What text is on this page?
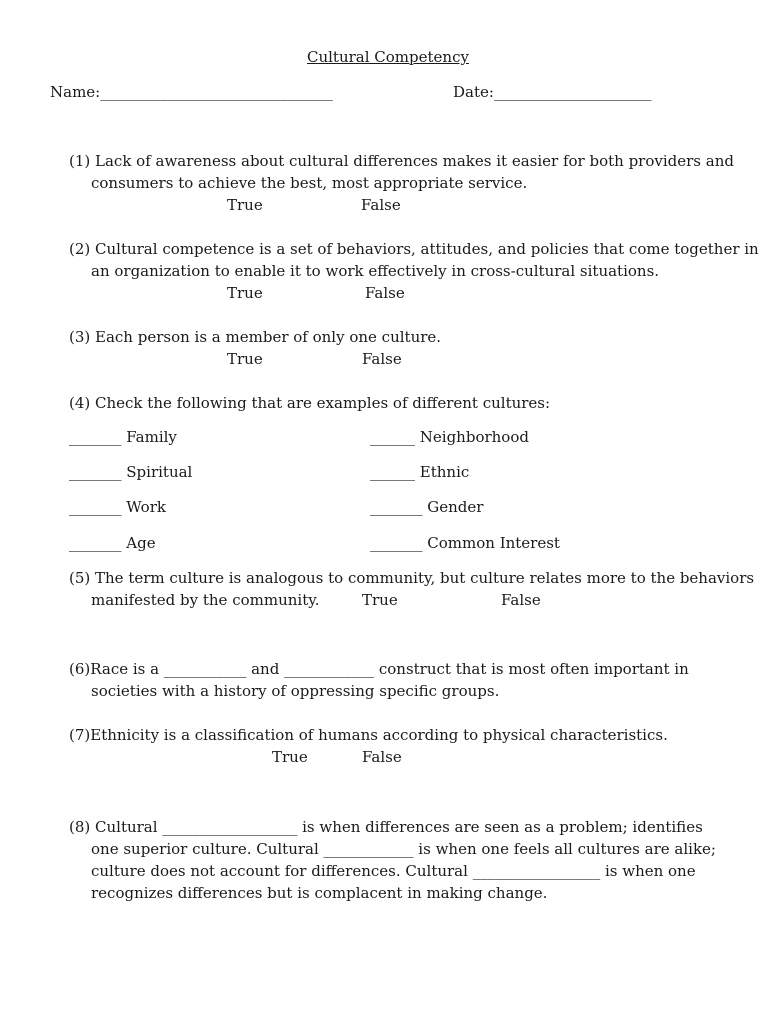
Cultural Competency
Name:_______________________________	Date:_____________________
(1) Lack of awareness about cultural differences makes it easier for both providers and
consumers to achieve the best, most appropriate service.
True	False
(2) Cultural competence is a set of behaviors, attitudes, and policies that come together in
an organization to enable it to work effectively in cross-cultural situations.
True	False
(3) Each person is a member of only one culture.
True	False
(4) Check the following that are examples of different cultures:
_______ Family	______ Neighborhood
_______ Spiritual	______ Ethnic
_______ Work	_______ Gender
_______ Age	_______ Common Interest
(5) The term culture is analogous to community, but culture relates more to the behaviors
manifested by the community.	True	False
(6)Race is a ___________ and ____________ construct that is most often important in
societies with a history of oppressing specific groups.
(7)Ethnicity is a classification of humans according to physical characteristics.
True	False
(8) Cultural __________________ is when differences are seen as a problem; identifies
one superior culture. Cultural ____________ is when one feels all cultures are alike;
culture does not account for differences. Cultural _________________ is when one
recognizes differences but is complacent in making change.
